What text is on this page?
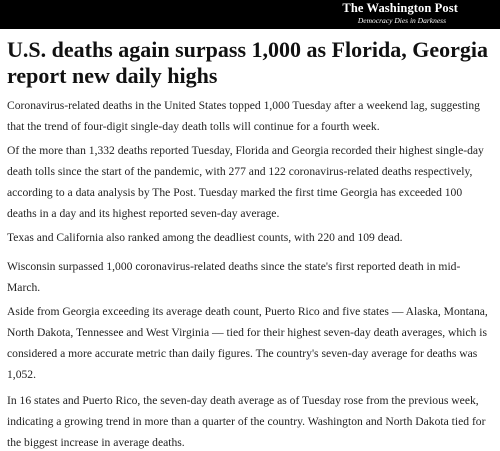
The Washington Post
Democracy Dies in Darkness
U.S. deaths again surpass 1,000 as Florida, Georgia report new daily highs

Coronavirus-related deaths in the United States topped 1,000 Tuesday after a weekend lag, suggesting that the trend of four-digit single-day death tolls will continue for a fourth week.

Of the more than 1,332 deaths reported Tuesday, Florida and Georgia recorded their highest single-day death tolls since the start of the pandemic, with 277 and 122 coronavirus-related deaths respectively, according to a data analysis by The Post. Tuesday marked the first time Georgia has exceeded 100 deaths in a day and its highest reported seven-day average.

Texas and California also ranked among the deadliest counts, with 220 and 109 dead.

Wisconsin surpassed 1,000 coronavirus-related deaths since the state's first reported death in mid-March.

Aside from Georgia exceeding its average death count, Puerto Rico and five states — Alaska, Montana, North Dakota, Tennessee and West Virginia — tied for their highest seven-day death averages, which is considered a more accurate metric than daily figures. The country's seven-day average for deaths was 1,052.

In 16 states and Puerto Rico, the seven-day death average as of Tuesday rose from the previous week, indicating a growing trend in more than a quarter of the country. Washington and North Dakota tied for the biggest increase in average deaths.
